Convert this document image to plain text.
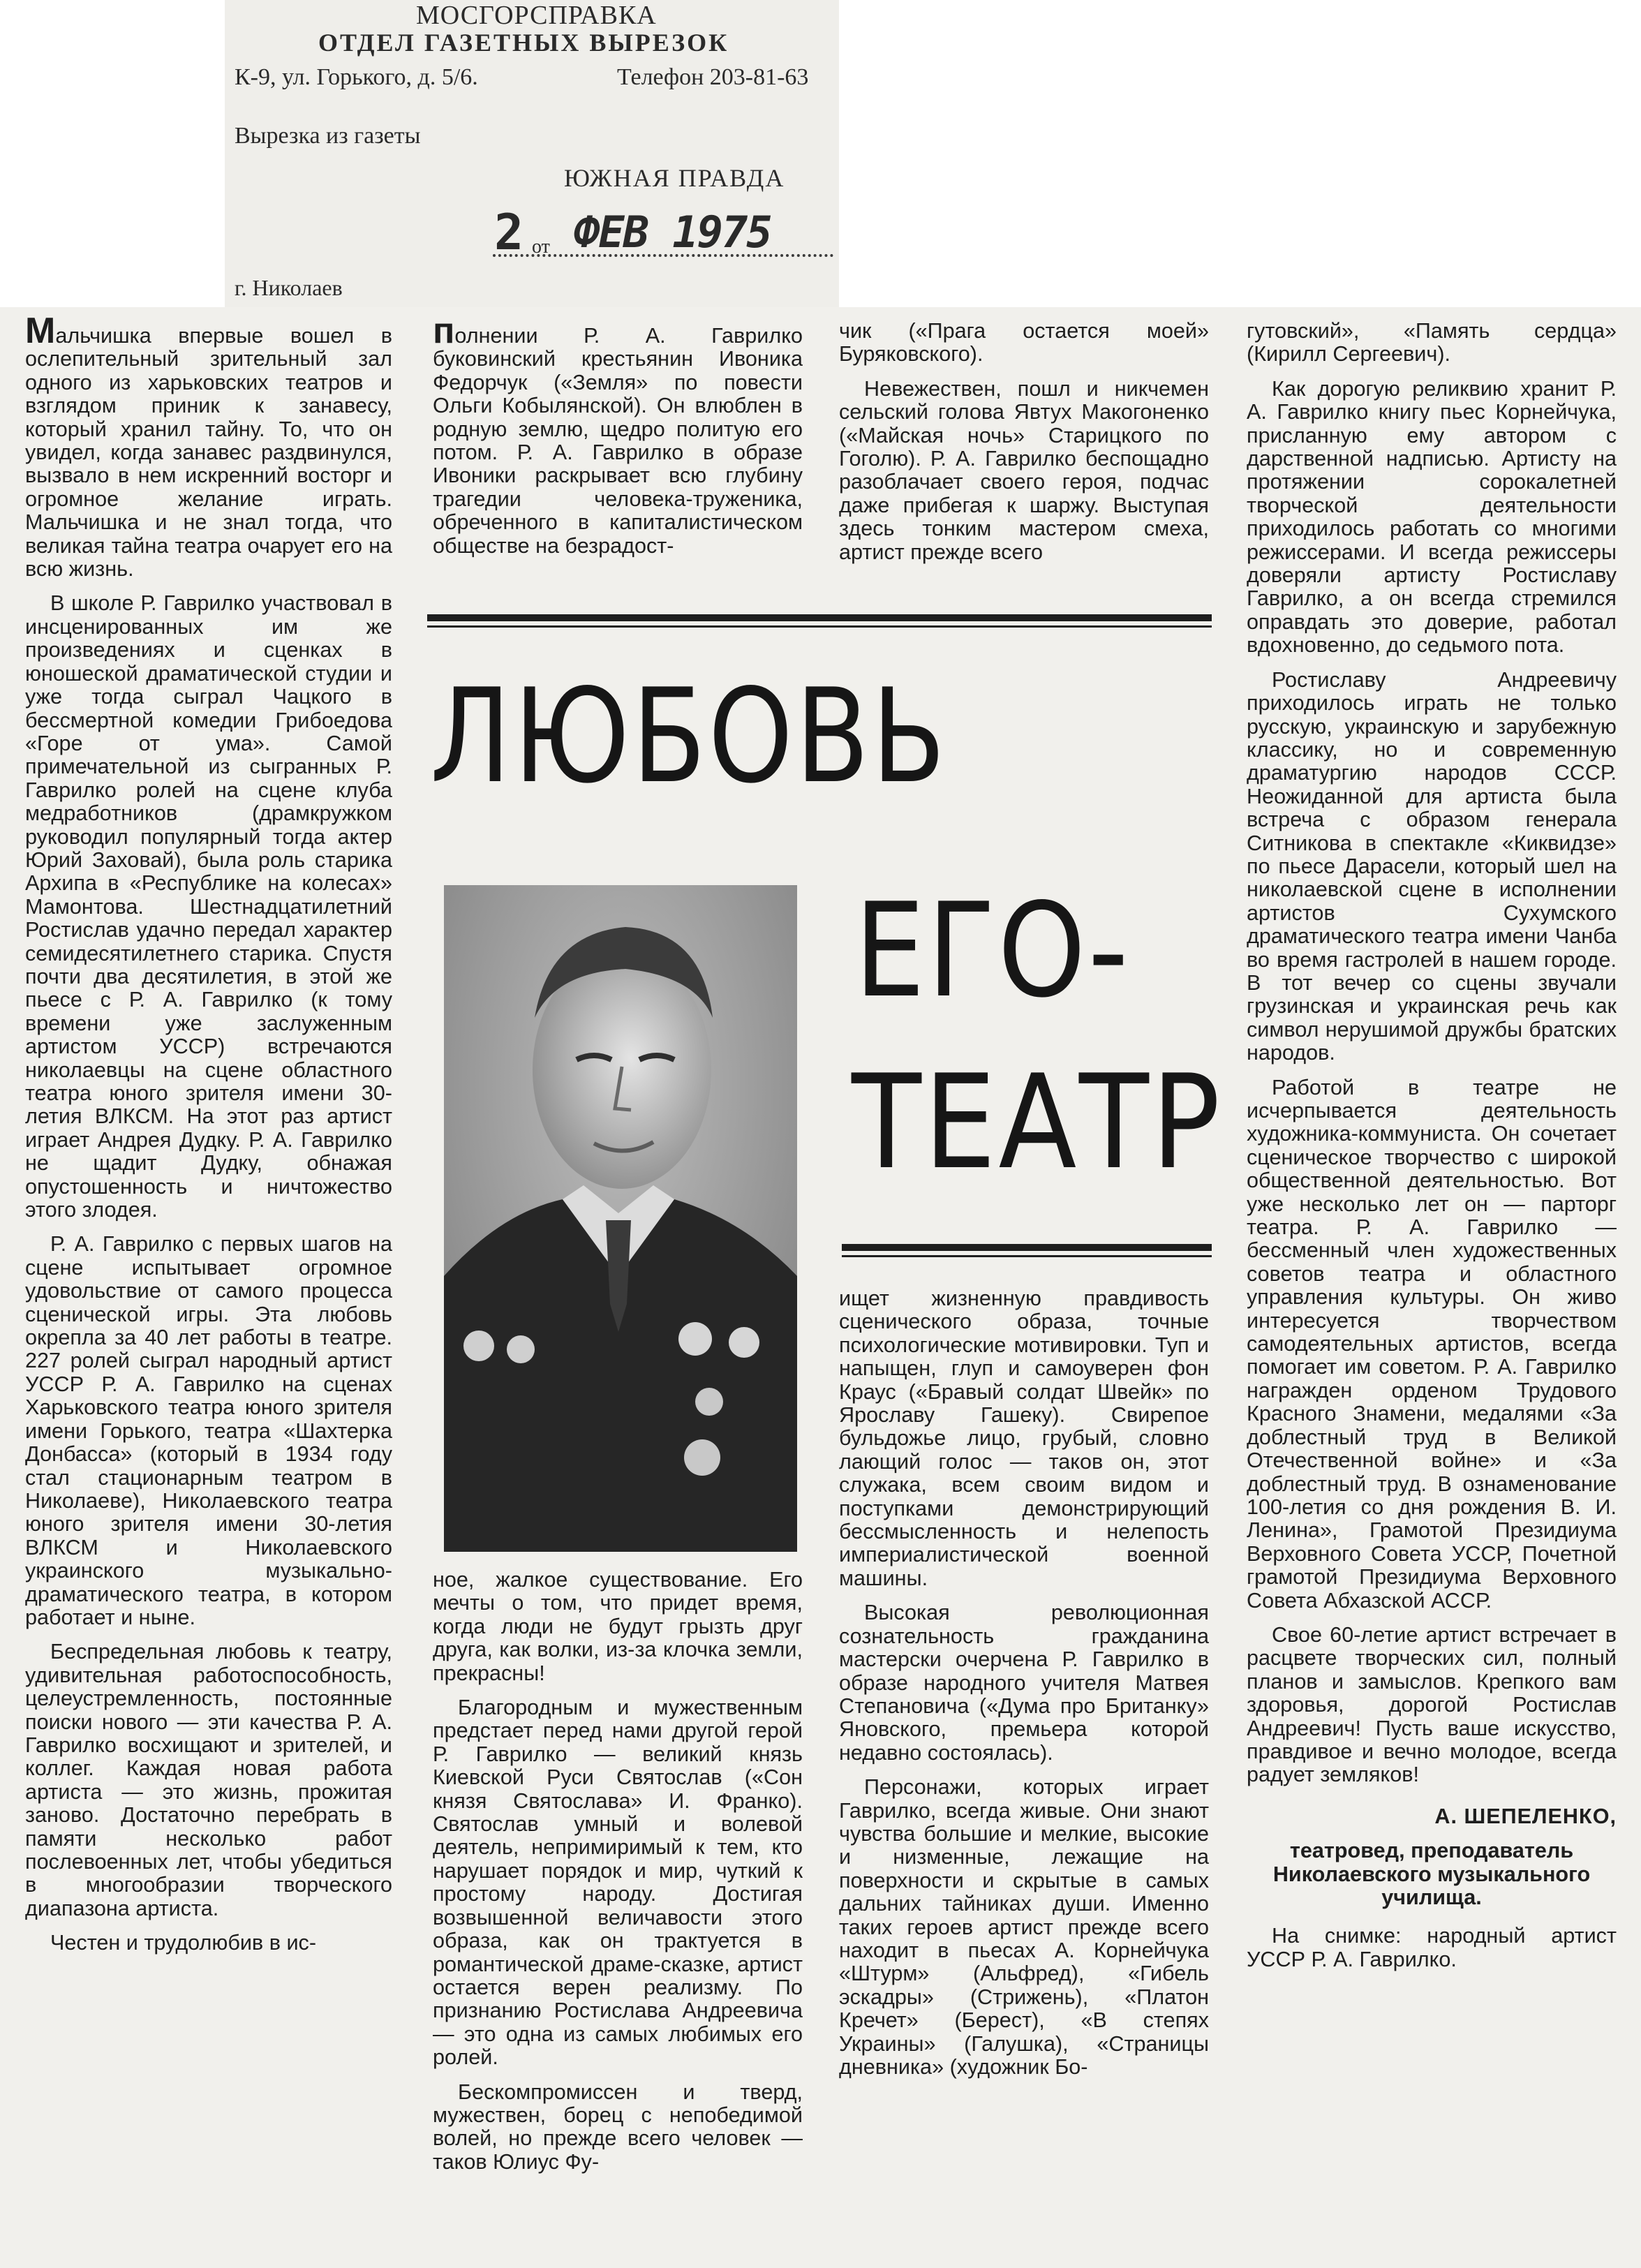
МОСГОРСПРАВКА
ОТДЕЛ ГАЗЕТНЫХ ВЫРЕЗОК
К-9, ул. Горького, д. 5/6.	Телефон 203-81-63
Вырезка из газеты
ЮЖНАЯ ПРАВДА
2 от ФЕВ 1975
г. Николаев

Мальчишка впервые вошел в ослепительный зрительный зал одного из харьковских театров и взглядом приник к занавесу, который хранил тайну. То, что он увидел, когда занавес раздвинулся, вызвало в нем искренний восторг и огромное желание играть. Мальчишка и не знал тогда, что великая тайна театра очарует его на всю жизнь.

В школе Р. Гаврилко участвовал в инсценированных им же произведениях и сценках в юношеской драматической студии и уже тогда сыграл Чацкого в бессмертной комедии Грибоедова «Горе от ума». Самой примечательной из сыгранных Р. Гаврилко ролей на сцене клуба медработников (драмкружком руководил популярный тогда актер Юрий Заховай), была роль старика Архипа в «Республике на колесах» Мамонтова. Шестнадцатилетний Ростислав удачно передал характер семидесятилетнего старика. Спустя почти два десятилетия, в этой же пьесе с Р. А. Гаврилко (к тому времени уже заслуженным артистом УССР) встречаются николаевцы на сцене областного театра юного зрителя имени 30-летия ВЛКСМ. На этот раз артист играет Андрея Дудку. Р. А. Гаврилко не щадит Дудку, обнажая опустошенность и ничтожество этого злодея.

Р. А. Гаврилко с первых шагов на сцене испытывает огромное удовольствие от самого процесса сценической игры. Эта любовь окрепла за 40 лет работы в театре. 227 ролей сыграл народный артист УССР Р. А. Гаврилко на сценах Харьковского театра юного зрителя имени Горького, театра «Шахтерка Донбасса» (который в 1934 году стал стационарным театром в Николаеве), Николаевского театра юного зрителя имени 30-летия ВЛКСМ и Николаевского украинского музыкально-драматического театра, в котором работает и ныне.

Беспредельная любовь к театру, удивительная работоспособность, целеустремленность, постоянные поиски нового — эти качества Р. А. Гаврилко восхищают и зрителей, и коллег. Каждая новая работа артиста — это жизнь, прожитая заново. Достаточно перебрать в памяти несколько работ послевоенных лет, чтобы убедиться в многообразии творческого диапазона артиста.

Честен и трудолюбив в ис-

полнении Р. А. Гаврилко буковинский крестьянин Ивоника Федорчук («Земля» по повести Ольги Кобылянской). Он влюблен в родную землю, щедро политую его потом. Р. А. Гаврилко в образе Ивоники раскрывает всю глубину трагедии человека-труженика, обреченного в капиталистическом обществе на безрадост-

чик («Прага остается моей» Буряковского).

Невежествен, пошл и никчемен сельский голова Явтух Макогоненко («Майская ночь» Старицкого по Гоголю). Р. А. Гаврилко беспощадно разоблачает своего героя, подчас даже прибегая к шаржу. Выступая здесь тонким мастером смеха, артист прежде всего

ЛЮБОВЬ
ЕГО-
ТЕАТР

ное, жалкое существование. Его мечты о том, что придет время, когда люди не будут грызть друг друга, как волки, из-за клочка земли, прекрасны!

Благородным и мужественным предстает перед нами другой герой Р. Гаврилко — великий князь Киевской Руси Святослав («Сон князя Святослава» И. Франко). Святослав умный и волевой деятель, непримиримый к тем, кто нарушает порядок и мир, чуткий к простому народу. Достигая возвышенной величавости этого образа, как он трактуется в романтической драме-сказке, артист остается верен реализму. По признанию Ростислава Андреевича — это одна из самых любимых его ролей.

Бескомпромиссен и тверд, мужествен, борец с непобедимой волей, но прежде всего человек — таков Юлиус Фу-

ищет жизненную правдивость сценического образа, точные психологические мотивировки. Туп и напыщен, глуп и самоуверен фон Краус («Бравый солдат Швейк» по Ярославу Гашеку). Свирепое бульдожье лицо, грубый, словно лающий голос — таков он, этот служака, всем своим видом и поступками демонстрирующий бессмысленность и нелепость империалистической военной машины.

Высокая революционная сознательность гражданина мастерски очерчена Р. Гаврилко в образе народного учителя Матвея Степановича («Дума про Британку» Яновского, премьера которой недавно состоялась).

Персонажи, которых играет Гаврилко, всегда живые. Они знают чувства большие и мелкие, высокие и низменные, лежащие на поверхности и скрытые в самых дальних тайниках души. Именно таких героев артист прежде всего находит в пьесах А. Корнейчука «Штурм» (Альфред), «Гибель эскадры» (Стрижень), «Платон Кречет» (Берест), «В степях Украины» (Галушка), «Страницы дневника» (художник Бо-

гутовский», «Память сердца» (Кирилл Сергеевич).

Как дорогую реликвию хранит Р. А. Гаврилко книгу пьес Корнейчука, присланную ему автором с дарственной надписью. Артисту на протяжении сорокалетней творческой деятельности приходилось работать со многими режиссерами. И всегда режиссеры доверяли артисту Ростиславу Гаврилко, а он всегда стремился оправдать это доверие, работал вдохновенно, до седьмого пота.

Ростиславу Андреевичу приходилось играть не только русскую, украинскую и зарубежную классику, но и современную драматургию народов СССР. Неожиданной для артиста была встреча с образом генерала Ситникова в спектакле «Киквидзе» по пьесе Дарасели, который шел на николаевской сцене в исполнении артистов Сухумского драматического театра имени Чанба во время гастролей в нашем городе. В тот вечер со сцены звучали грузинская и украинская речь как символ нерушимой дружбы братских народов.

Работой в театре не исчерпывается деятельность художника-коммуниста. Он сочетает сценическое творчество с широкой общественной деятельностью. Вот уже несколько лет он — парторг театра. Р. А. Гаврилко — бессменный член художественных советов театра и областного управления культуры. Он живо интересуется творчеством самодеятельных артистов, всегда помогает им советом. Р. А. Гаврилко награжден орденом Трудового Красного Знамени, медалями «За доблестный труд в Великой Отечественной войне» и «За доблестный труд. В ознаменование 100-летия со дня рождения В. И. Ленина», Грамотой Президиума Верховного Совета УССР, Почетной грамотой Президиума Верховного Совета Абхазской АССР.

Свое 60-летие артист встречает в расцвете творческих сил, полный планов и замыслов. Крепкого вам здоровья, дорогой Ростислав Андреевич! Пусть ваше искусство, правдивое и вечно молодое, всегда радует земляков!

А. ШЕПЕЛЕНКО,

театровед, преподаватель Николаевского музыкального училища.

На снимке: народный артист УССР Р. А. Гаврилко.
